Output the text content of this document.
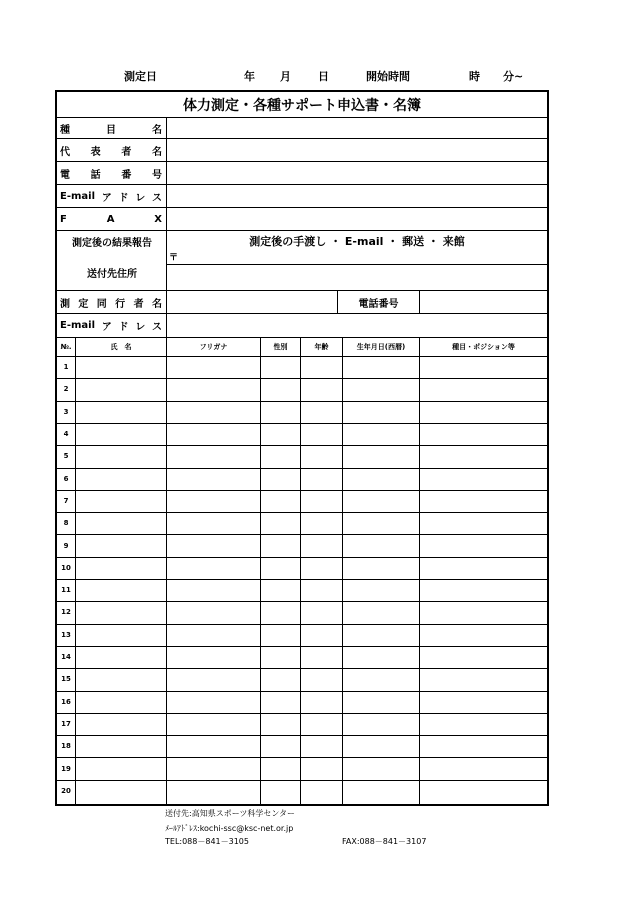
測定日	年 月 日	開始時間	時 分~
体力測定・各種サポート申込書・名簿
種	目	名
代 表 者 名
電 話 番 号
E-mail ア ド レ ス
F	A	X
測定後の結果報告	測定後の手渡し ・ E-mail ・ 郵送 ・ 来館
送付先住所
〒
測 定 同 行 者 名	電話番号
E-mail ア ド レ ス
№.	氏　名	フリガナ	性別	年齢	生年月日(西暦)	種目・ポジション等
1
2
3
4
5
6
7
8
9
10
11
12
13
14
15
16
17
18
19
20
送付先:高知県スポーツ科学センター
ﾒｰﾙｱﾄﾞﾚｽ:kochi-ssc@ksc-net.or.jp
TEL:088－841－3105	FAX:088－841－3107
